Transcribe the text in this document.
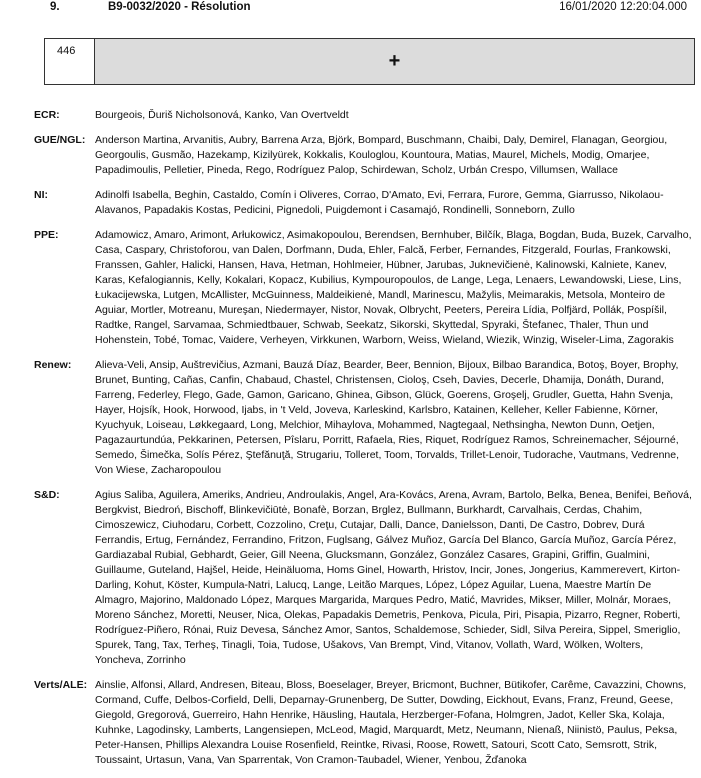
9.	B9-0032/2020 - Résolution	16/01/2020 12:20:04.000
446	+
ECR:	Bourgeois, Ďuriš Nicholsonová, Kanko, Van Overtveldt
GUE/NGL: Anderson Martina, Arvanitis, Aubry, Barrena Arza, Björk, Bompard, Buschmann, Chaibi, Daly, Demirel, Flanagan, Georgiou, Georgoulis, Gusmão, Hazekamp, Kizilyürek, Kokkalis, Kouloglou, Kountoura, Matias, Maurel, Michels, Modig, Omarjee, Papadimoulis, Pelletier, Pineda, Rego, Rodríguez Palop, Schirdewan, Scholz, Urbán Crespo, Villumsen, Wallace
NI:	Adinolfi Isabella, Beghin, Castaldo, Comín i Oliveres, Corrao, D'Amato, Evi, Ferrara, Furore, Gemma, Giarrusso, Nikolaou-Alavanos, Papadakis Kostas, Pedicini, Pignedoli, Puigdemont i Casamajó, Rondinelli, Sonneborn, Zullo
PPE:	Adamowicz, Amaro, Arimont, Arłukowicz, Asimakopoulou, Berendsen, Bernhuber, Bilčík, Blaga, Bogdan, Buda, Buzek, Carvalho, Casa, Caspary, Christoforou, van Dalen, Dorfmann, Duda, Ehler, Falcă, Ferber, Fernandes, Fitzgerald, Fourlas, Frankowski, Franssen, Gahler, Halicki, Hansen, Hava, Hetman, Hohlmeier, Hübner, Jarubas, Juknevičienė, Kalinowski, Kalniete, Kanev, Karas, Kefalogiannis, Kelly, Kokalari, Kopacz, Kubilius, Kympouropoulos, de Lange, Lega, Lenaers, Lewandowski, Liese, Lins, Łukacijewska, Lutgen, McAllister, McGuinness, Maldeikienė, Mandl, Marinescu, Mažylis, Meimarakis, Metsola, Monteiro de Aguiar, Mortler, Motreanu, Mureşan, Niedermayer, Nistor, Novak, Olbrycht, Peeters, Pereira Lídia, Polfjärd, Pollák, Pospíšil, Radtke, Rangel, Sarvamaa, Schmiedtbauer, Schwab, Seekatz, Sikorski, Skyttedal, Spyraki, Štefanec, Thaler, Thun und Hohenstein, Tobé, Tomac, Vaidere, Verheyen, Virkkunen, Warborn, Weiss, Wieland, Wiezik, Winzig, Wiseler-Lima, Zagorakis
Renew:	Alieva-Veli, Ansip, Auštrevičius, Azmani, Bauzá Díaz, Bearder, Beer, Bennion, Bijoux, Bilbao Barandica, Botoş, Boyer, Brophy, Brunet, Bunting, Cañas, Canfin, Chabaud, Chastel, Christensen, Cioloş, Cseh, Davies, Decerle, Dhamija, Donáth, Durand, Farreng, Federley, Flego, Gade, Gamon, Garicano, Ghinea, Gibson, Glück, Goerens, Groşelj, Grudler, Guetta, Hahn Svenja, Hayer, Hojsík, Hook, Horwood, Ijabs, in 't Veld, Joveva, Karleskind, Karlsbro, Katainen, Kelleher, Keller Fabienne, Körner, Kyuchyuk, Loiseau, Løkkegaard, Long, Melchior, Mihaylova, Mohammed, Nagtegaal, Nethsingha, Newton Dunn, Oetjen, Pagazaurtundúa, Pekkarinen, Petersen, Pîslaru, Porritt, Rafaela, Ries, Riquet, Rodríguez Ramos, Schreinemacher, Séjourné, Semedo, Šimečka, Solís Pérez, Ştefănuţă, Strugariu, Tolleret, Toom, Torvalds, Trillet-Lenoir, Tudorache, Vautmans, Vedrenne, Von Wiese, Zacharopoulou
S&D:	Agius Saliba, Aguilera, Ameriks, Andrieu, Androulakis, Angel, Ara-Kovács, Arena, Avram, Bartolo, Belka, Benea, Benifei, Beňová, Bergkvist, Biedroń, Bischoff, Blinkevičiūtė, Bonafè, Borzan, Brglez, Bullmann, Burkhardt, Carvalhais, Cerdas, Chahim, Cimoszewicz, Ciuhodaru, Corbett, Cozzolino, Creţu, Cutajar, Dalli, Dance, Danielsson, Danti, De Castro, Dobrev, Durá Ferrandis, Ertug, Fernández, Ferrandino, Fritzon, Fuglsang, Gálvez Muñoz, García Del Blanco, García Muñoz, García Pérez, Gardiazabal Rubial, Gebhardt, Geier, Gill Neena, Glucksmann, González, González Casares, Grapini, Griffin, Gualmini, Guillaume, Guteland, Hajšel, Heide, Heinäluoma, Homs Ginel, Howarth, Hristov, Incir, Jones, Jongerius, Kammerevert, Kirton-Darling, Kohut, Köster, Kumpula-Natri, Lalucq, Lange, Leitão Marques, López, López Aguilar, Luena, Maestre Martín De Almagro, Majorino, Maldonado López, Marques Margarida, Marques Pedro, Matić, Mavrides, Mikser, Miller, Molnár, Moraes, Moreno Sánchez, Moretti, Neuser, Nica, Olekas, Papadakis Demetris, Penkova, Picula, Piri, Pisapia, Pizarro, Regner, Roberti, Rodríguez-Piñero, Rónai, Ruiz Devesa, Sánchez Amor, Santos, Schaldemose, Schieder, Sidl, Silva Pereira, Sippel, Smeriglio, Spurek, Tang, Tax, Terheş, Tinagli, Toia, Tudose, Ušakovs, Van Brempt, Vind, Vitanov, Vollath, Ward, Wölken, Wolters, Yoncheva, Zorrinho
Verts/ALE: Ainslie, Alfonsi, Allard, Andresen, Biteau, Bloss, Boeselager, Breyer, Bricmont, Buchner, Bütikofer, Carême, Cavazzini, Chowns, Cormand, Cuffe, Delbos-Corfield, Delli, Deparnay-Grunenberg, De Sutter, Dowding, Eickhout, Evans, Franz, Freund, Geese, Giegold, Gregorová, Guerreiro, Hahn Henrike, Häusling, Hautala, Herzberger-Fofana, Holmgren, Jadot, Keller Ska, Kolaja, Kuhnke, Lagodinsky, Lamberts, Langensiepen, McLeod, Magid, Marquardt, Metz, Neumann, Nienaß, Niinistö, Paulus, Peksa, Peter-Hansen, Phillips Alexandra Louise Rosenfield, Reintke, Rivasi, Roose, Rowett, Satouri, Scott Cato, Semsrott, Strik, Toussaint, Urtasun, Vana, Van Sparrentak, Von Cramon-Taubadel, Wiener, Yenbou, Žďanoka
